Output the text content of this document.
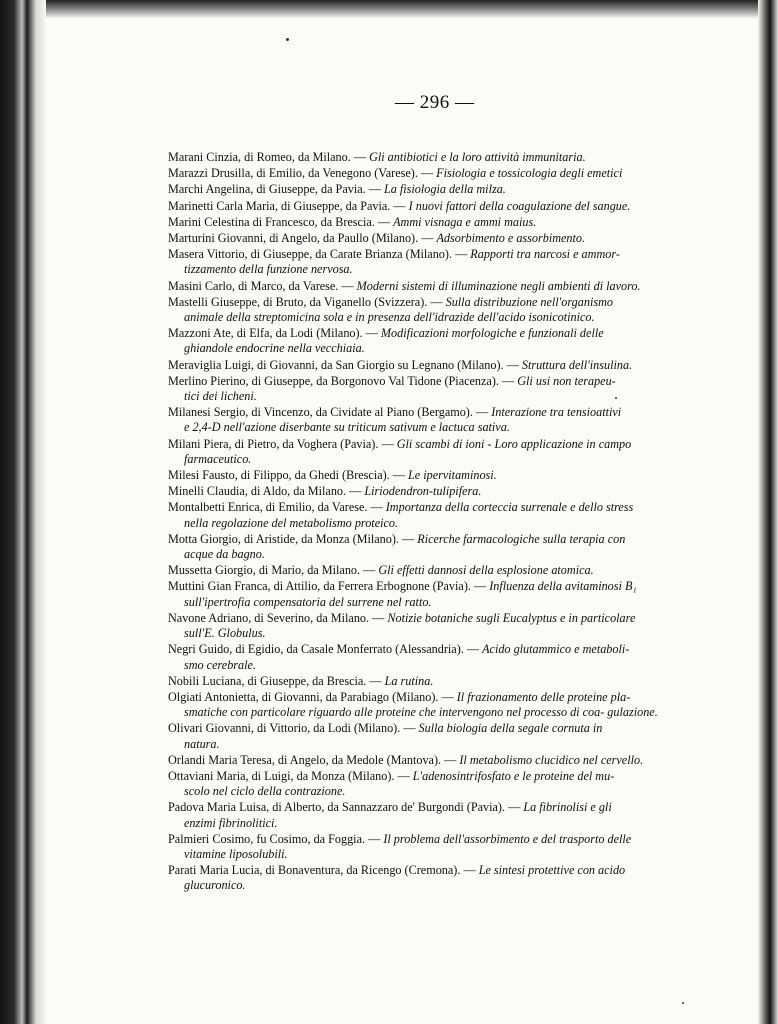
— 296 —
Marani Cinzia, di Romeo, da Milano. — Gli antibiotici e la loro attività immunitaria.
Marazzi Drusilla, di Emilio, da Venegono (Varese). — Fisiologia e tossicologia degli emetici
Marchi Angelina, di Giuseppe, da Pavia. — La fisiologia della milza.
Marinetti Carla Maria, di Giuseppe, da Pavia. — I nuovi fattori della coagulazione del sangue.
Marini Celestina di Francesco, da Brescia. — Ammi visnaga e ammi maius.
Marturini Giovanni, di Angelo, da Paullo (Milano). — Adsorbimento e assorbimento.
Masera Vittorio, di Giuseppe, da Carate Brianza (Milano). — Rapporti tra narcosi e ammor-
tizzamento della funzione nervosa.
Masini Carlo, di Marco, da Varese. — Moderni sistemi di illuminazione negli ambienti di lavoro.
Mastelli Giuseppe, di Bruto, da Viganello (Svizzera). — Sulla distribuzione nell'organismo
animale della streptomicina sola e in presenza dell'idrazide dell'acido isonicotinico.
Mazzoni Ate, di Elfa, da Lodi (Milano). — Modificazioni morfologiche e funzionali delle
ghiandole endocrine nella vecchiaia.
Meraviglia Luigi, di Giovanni, da San Giorgio su Legnano (Milano). — Struttura dell'insulina.
Merlino Pierino, di Giuseppe, da Borgonovo Val Tidone (Piacenza). — Gli usi non terapeu-
tici dei licheni.
Milanesi Sergio, di Vincenzo, da Cividate al Piano (Bergamo). — Interazione tra tensioattivi
e 2,4-D nell'azione diserbante su triticum sativum e lactuca sativa.
Milani Piera, di Pietro, da Voghera (Pavia). — Gli scambi di ioni - Loro applicazione in campo
farmaceutico.
Milesi Fausto, di Filippo, da Ghedi (Brescia). — Le ipervitaminosi.
Minelli Claudia, di Aldo, da Milano. — Liriodendron-tulipifera.
Montalbetti Enrica, di Emilio, da Varese. — Importanza della corteccia surrenale e dello stress
nella regolazione del metabolismo proteico.
Motta Giorgio, di Aristide, da Monza (Milano). — Ricerche farmacologiche sulla terapia con
acque da bagno.
Mussetta Giorgio, di Mario, da Milano. — Gli effetti dannosi della esplosione atomica.
Muttini Gian Franca, di Attilio, da Ferrera Erbognone (Pavia). — Influenza della avitaminosi B₁
sull'ipertrofia compensatoria del surrene nel ratto.
Navone Adriano, di Severino, da Milano. — Notizie botaniche sugli Eucalyptus e in particolare
sull'E. Globulus.
Negri Guido, di Egidio, da Casale Monferrato (Alessandria). — Acido glutammico e metaboli-
smo cerebrale.
Nobili Luciana, di Giuseppe, da Brescia. — La rutina.
Olgiati Antonietta, di Giovanni, da Parabiago (Milano). — Il frazionamento delle proteine pla-
smatiche con particolare riguardo alle proteine che intervengono nel processo di coa- gulazione.
Olivari Giovanni, di Vittorio, da Lodi (Milano). — Sulla biologia della segale cornuta in
natura.
Orlandi Maria Teresa, di Angelo, da Medole (Mantova). — Il metabolismo clucidico nel cervello.
Ottaviani Maria, di Luigi, da Monza (Milano). — L'adenosintrifosfato e le proteine del mu-
scolo nel ciclo della contrazione.
Padova Maria Luisa, di Alberto, da Sannazzaro de' Burgondi (Pavia). — La fibrinolisi e gli
enzimi fibrinolitici.
Palmieri Cosimo, fu Cosimo, da Foggia. — Il problema dell'assorbimento e del trasporto delle
vitamine liposolubili.
Parati Maria Lucia, di Bonaventura, da Ricengo (Cremona). — Le sintesi protettive con acido
glucuronico.
